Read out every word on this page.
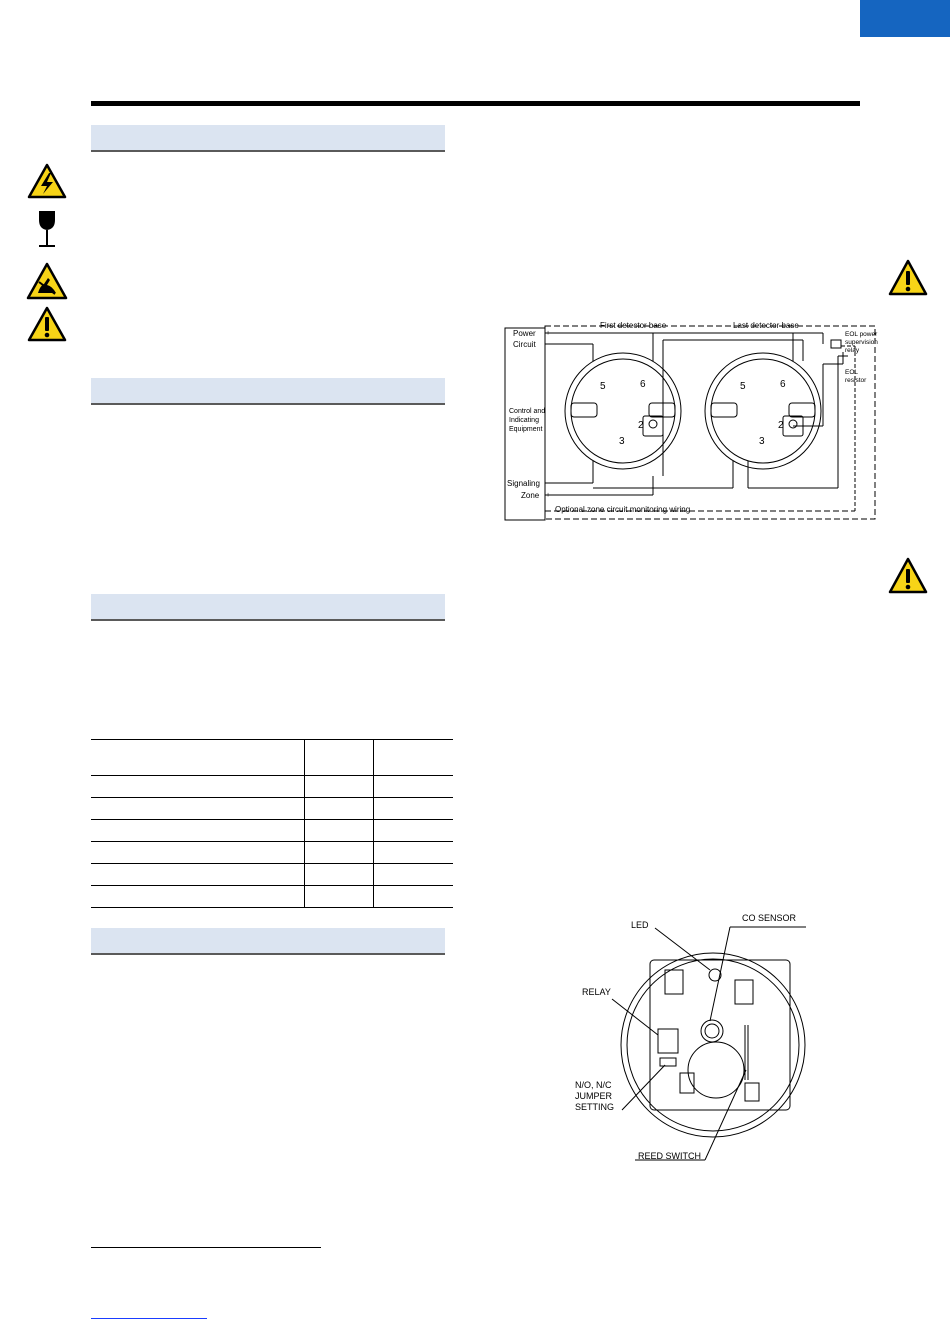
Power +
Circuit -
First detector base	Last detector base
EOL power
supervision
relay
EOL
resistor
Control and
Indicating
Equipment
Signaling -
Zone +
Optional zone circuit monitoring wiring
5	6
2
3
5	6
2
3
LED
CO SENSOR
RELAY
N/O, N/C
JUMPER
SETTING
REED SWITCH
